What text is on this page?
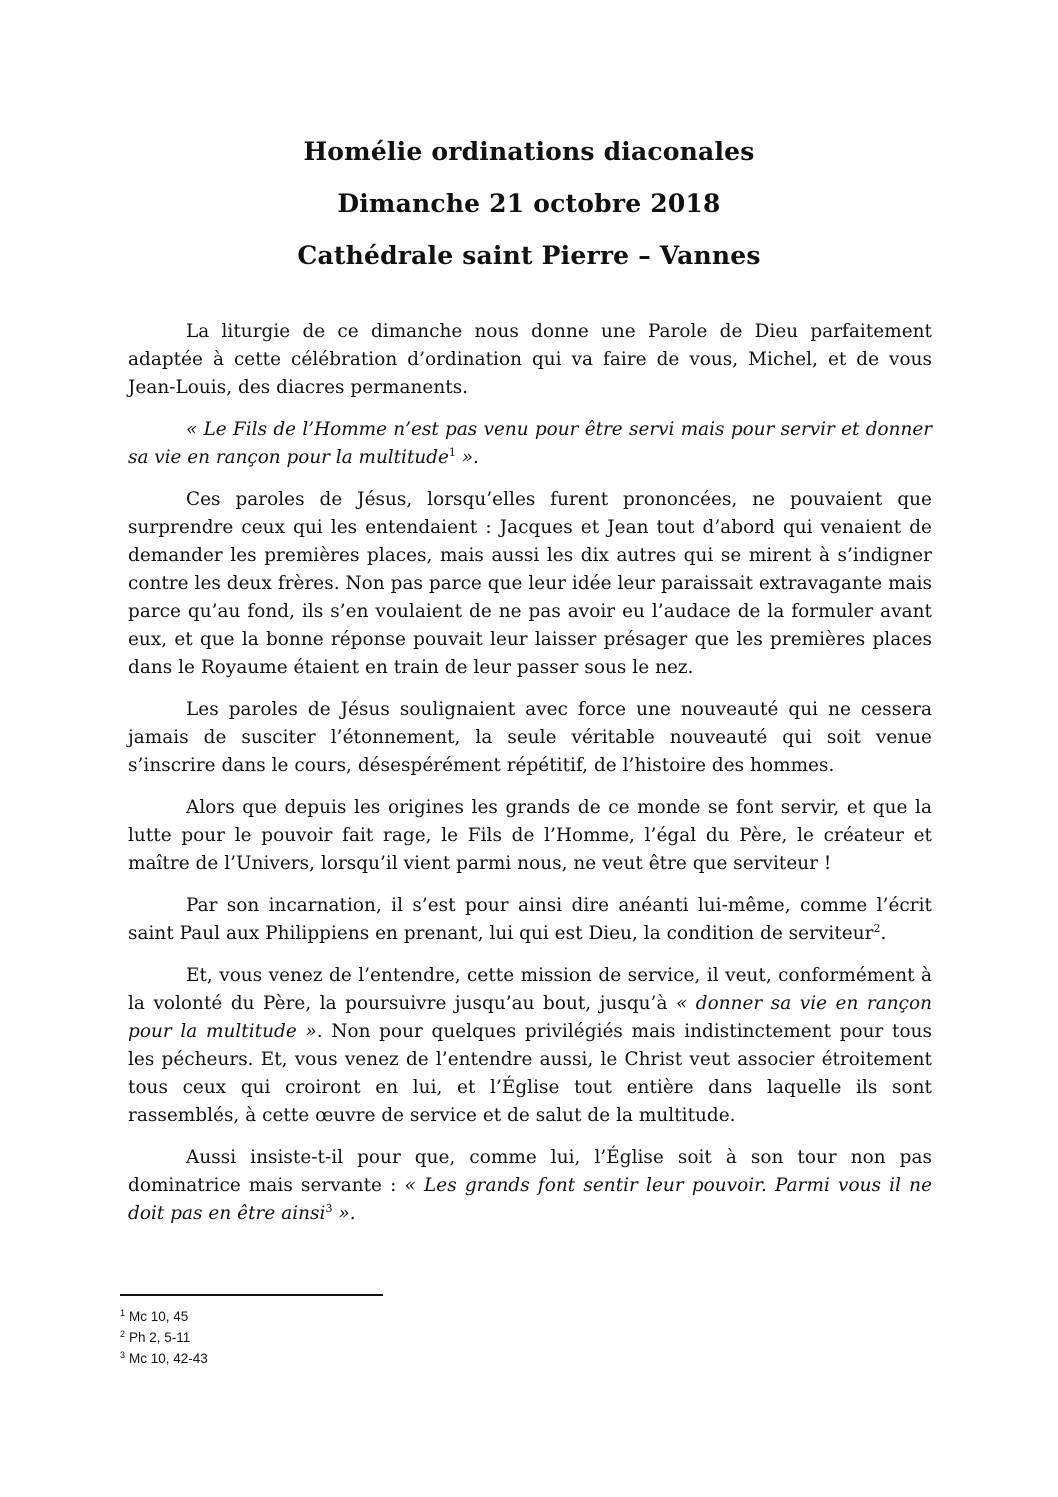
Homélie ordinations diaconales
Dimanche 21 octobre 2018
Cathédrale saint Pierre – Vannes

La liturgie de ce dimanche nous donne une Parole de Dieu parfaitement adaptée à cette célébration d’ordination qui va faire de vous, Michel, et de vous Jean-Louis, des diacres permanents.

« Le Fils de l’Homme n’est pas venu pour être servi mais pour servir et donner sa vie en rançon pour la multitude$^1$ ».

Ces paroles de Jésus, lorsqu’elles furent prononcées, ne pouvaient que surprendre ceux qui les entendaient : Jacques et Jean tout d’abord qui venaient de demander les premières places, mais aussi les dix autres qui se mirent à s’indigner contre les deux frères. Non pas parce que leur idée leur paraissait extravagante mais parce qu’au fond, ils s’en voulaient de ne pas avoir eu l’audace de la formuler avant eux, et que la bonne réponse pouvait leur laisser présager que les premières places dans le Royaume étaient en train de leur passer sous le nez.

Les paroles de Jésus soulignaient avec force une nouveauté qui ne cessera jamais de susciter l’étonnement, la seule véritable nouveauté qui soit venue s’inscrire dans le cours, désespérément répétitif, de l’histoire des hommes.

Alors que depuis les origines les grands de ce monde se font servir, et que la lutte pour le pouvoir fait rage, le Fils de l’Homme, l’égal du Père, le créateur et maître de l’Univers, lorsqu’il vient parmi nous, ne veut être que serviteur !

Par son incarnation, il s’est pour ainsi dire anéanti lui-même, comme l’écrit saint Paul aux Philippiens en prenant, lui qui est Dieu, la condition de serviteur$^2$.

Et, vous venez de l’entendre, cette mission de service, il veut, conformément à la volonté du Père, la poursuivre jusqu’au bout, jusqu’à « donner sa vie en rançon pour la multitude ». Non pour quelques privilégiés mais indistinctement pour tous les pécheurs. Et, vous venez de l’entendre aussi, le Christ veut associer étroitement tous ceux qui croiront en lui, et l’Église tout entière dans laquelle ils sont rassemblés, à cette œuvre de service et de salut de la multitude.

Aussi insiste-t-il pour que, comme lui, l’Église soit à son tour non pas dominatrice mais servante : « Les grands font sentir leur pouvoir. Parmi vous il ne doit pas en être ainsi$^3$ ».

$^1$ Mc 10, 45
$^2$ Ph 2, 5-11
$^3$ Mc 10, 42-43
